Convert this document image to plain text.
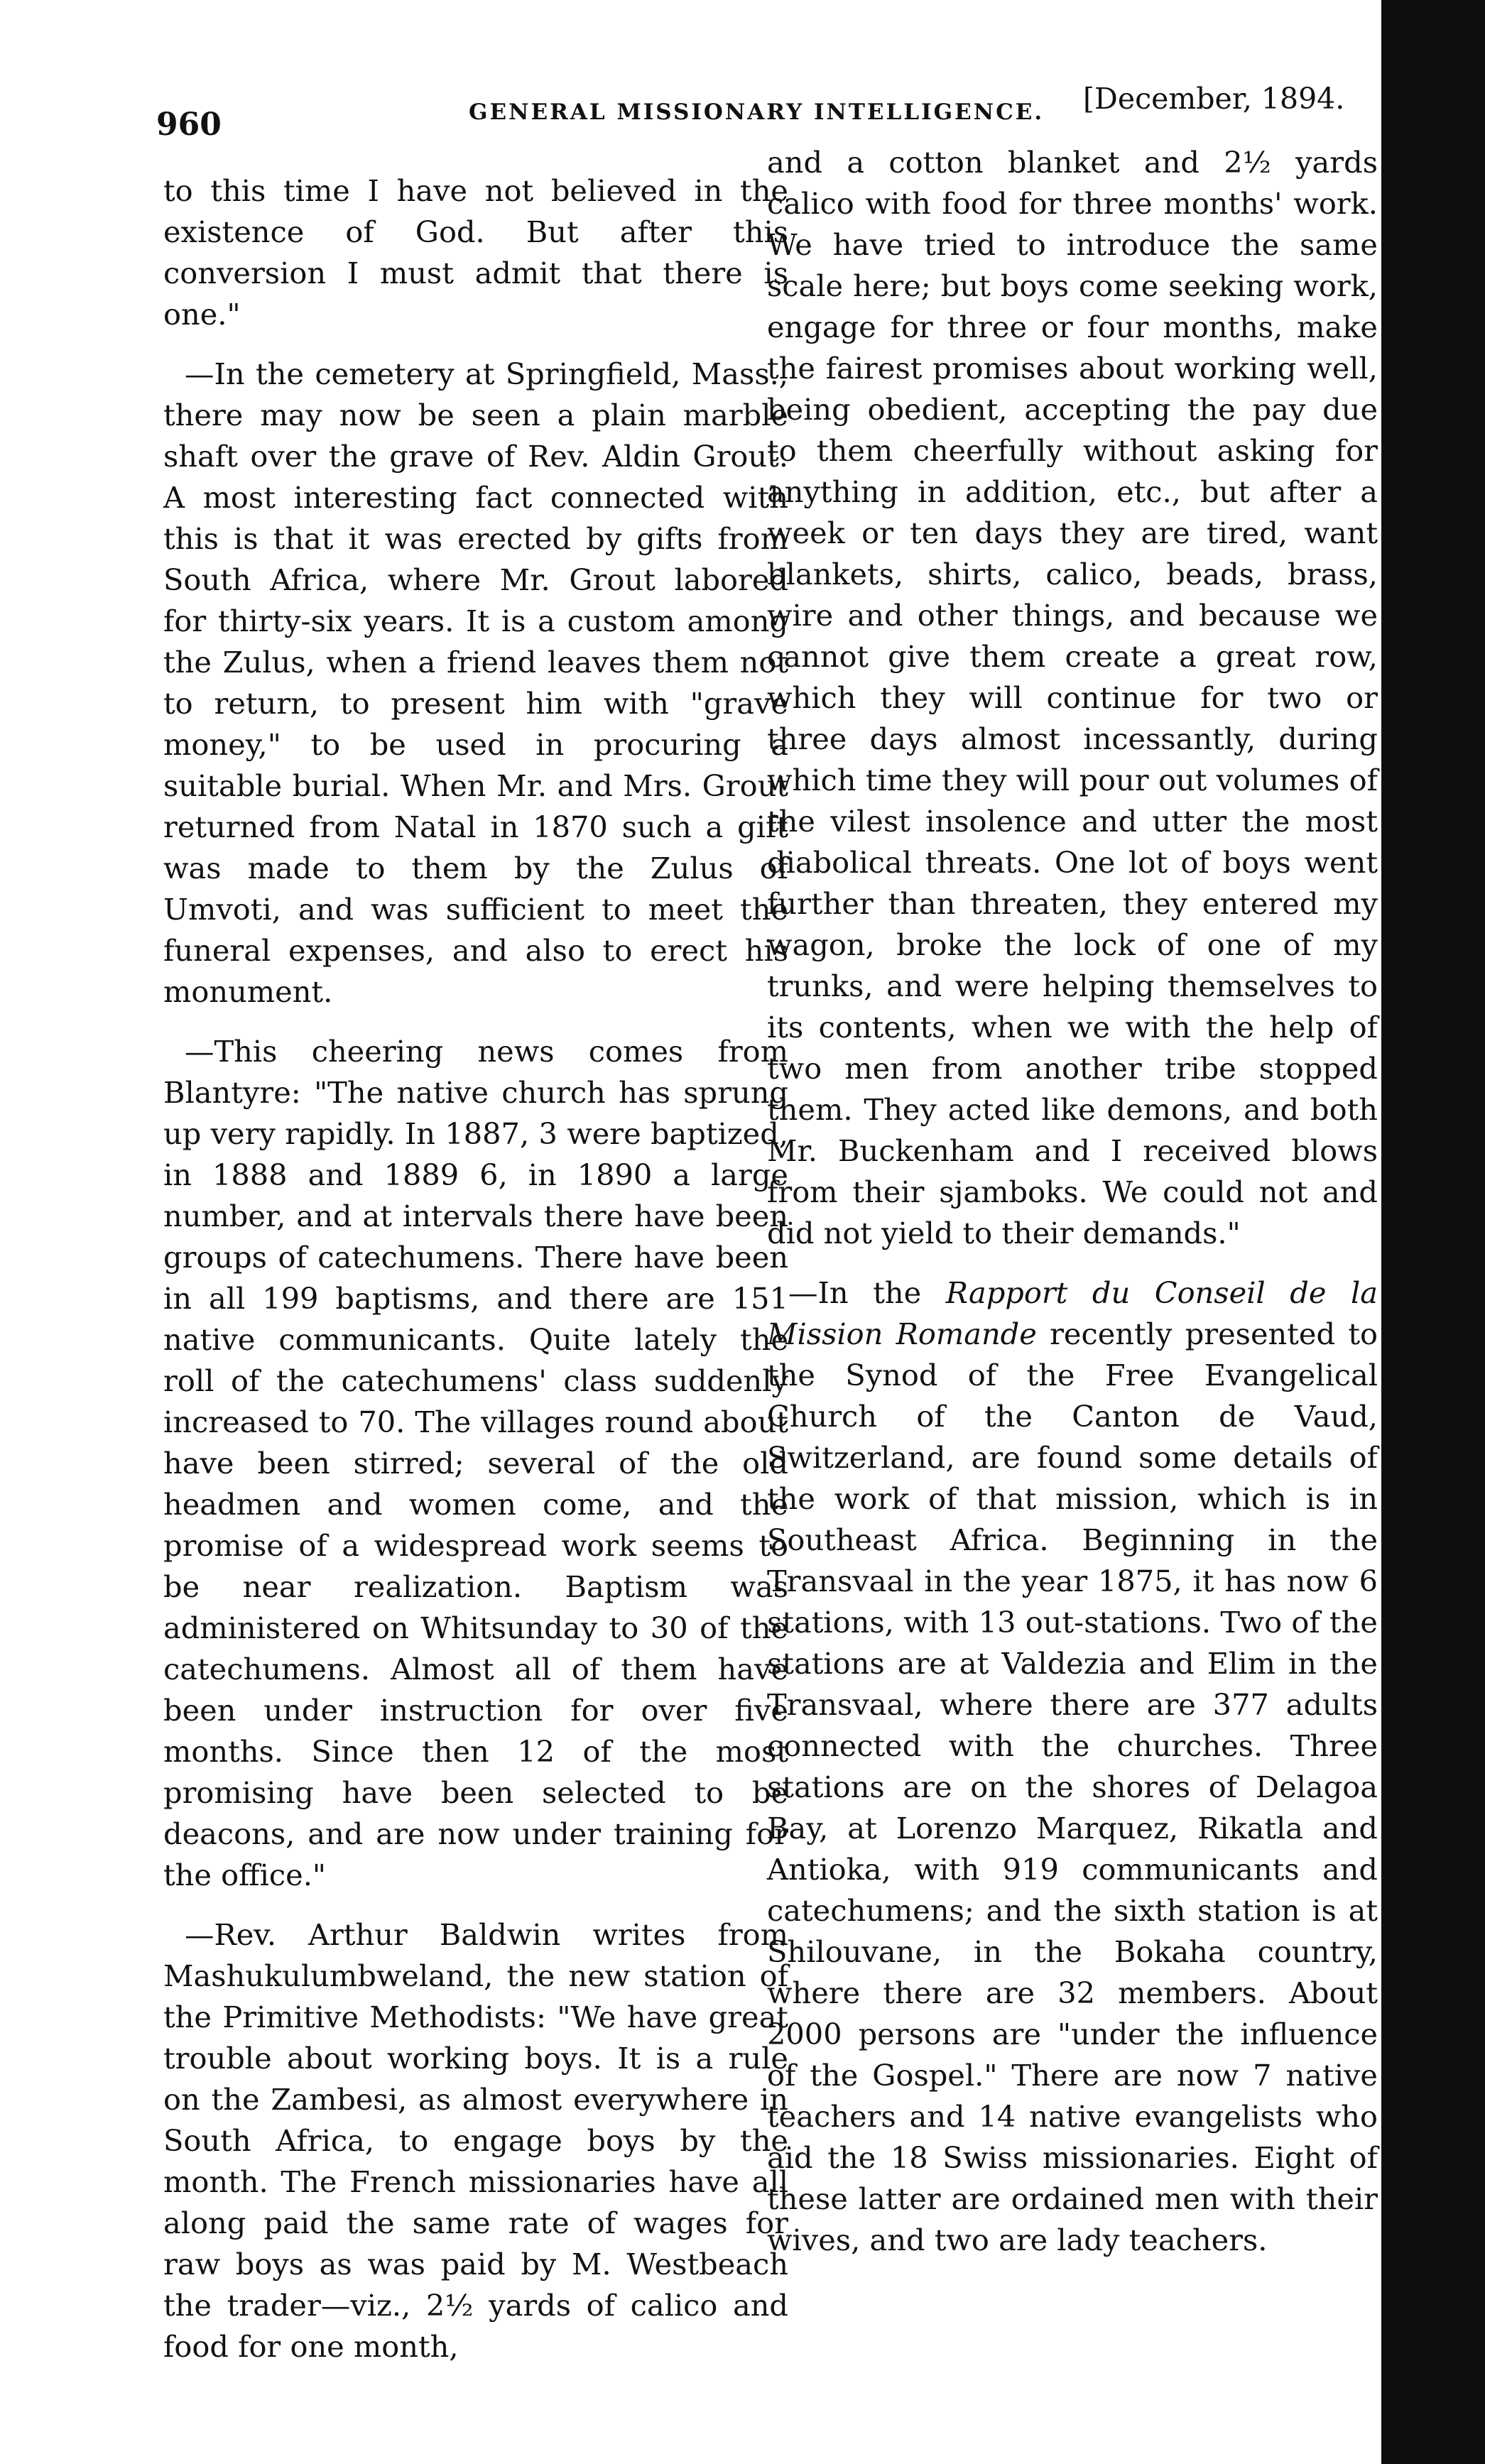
960	GENERAL MISSIONARY INTELLIGENCE. [December, 1894.

to this time I have not believed in the existence of God. But after this conversion I must admit that there is one."

—In the cemetery at Springfield, Mass., there may now be seen a plain marble shaft over the grave of Rev. Aldin Grout. A most interesting fact connected with this is that it was erected by gifts from South Africa, where Mr. Grout labored for thirty-six years. It is a custom among the Zulus, when a friend leaves them not to return, to present him with "grave money," to be used in procuring a suitable burial. When Mr. and Mrs. Grout returned from Natal in 1870 such a gift was made to them by the Zulus of Umvoti, and was sufficient to meet the funeral expenses, and also to erect his monument.

—This cheering news comes from Blantyre: "The native church has sprung up very rapidly. In 1887, 3 were baptized, in 1888 and 1889 6, in 1890 a large number, and at intervals there have been groups of catechumens. There have been in all 199 baptisms, and there are 151 native communicants. Quite lately the roll of the catechumens' class suddenly increased to 70. The villages round about have been stirred; several of the old headmen and women come, and the promise of a widespread work seems to be near realization. Baptism was administered on Whitsunday to 30 of the catechumens. Almost all of them have been under instruction for over five months. Since then 12 of the most promising have been selected to be deacons, and are now under training for the office."

—Rev. Arthur Baldwin writes from Mashukulumbweland, the new station of the Primitive Methodists: "We have great trouble about working boys. It is a rule on the Zambesi, as almost everywhere in South Africa, to engage boys by the month. The French missionaries have all along paid the same rate of wages for raw boys as was paid by M. Westbeach the trader—viz., 2½ yards of calico and food for one month,

and a cotton blanket and 2½ yards calico with food for three months' work. We have tried to introduce the same scale here; but boys come seeking work, engage for three or four months, make the fairest promises about working well, being obedient, accepting the pay due to them cheerfully without asking for anything in addition, etc., but after a week or ten days they are tired, want blankets, shirts, calico, beads, brass, wire and other things, and because we cannot give them create a great row, which they will continue for two or three days almost incessantly, during which time they will pour out volumes of the vilest insolence and utter the most diabolical threats. One lot of boys went further than threaten, they entered my wagon, broke the lock of one of my trunks, and were helping themselves to its contents, when we with the help of two men from another tribe stopped them. They acted like demons, and both Mr. Buckenham and I received blows from their sjamboks. We could not and did not yield to their demands."

—In the Rapport du Conseil de la Mission Romande recently presented to the Synod of the Free Evangelical Church of the Canton de Vaud, Switzerland, are found some details of the work of that mission, which is in Southeast Africa. Beginning in the Transvaal in the year 1875, it has now 6 stations, with 13 out-stations. Two of the stations are at Valdezia and Elim in the Transvaal, where there are 377 adults connected with the churches. Three stations are on the shores of Delagoa Bay, at Lorenzo Marquez, Rikatla and Antioka, with 919 communicants and catechumens; and the sixth station is at Shilouvane, in the Bokaha country, where there are 32 members. About 2000 persons are "under the influence of the Gospel." There are now 7 native teachers and 14 native evangelists who aid the 18 Swiss missionaries. Eight of these latter are ordained men with their wives, and two are lady teachers.
